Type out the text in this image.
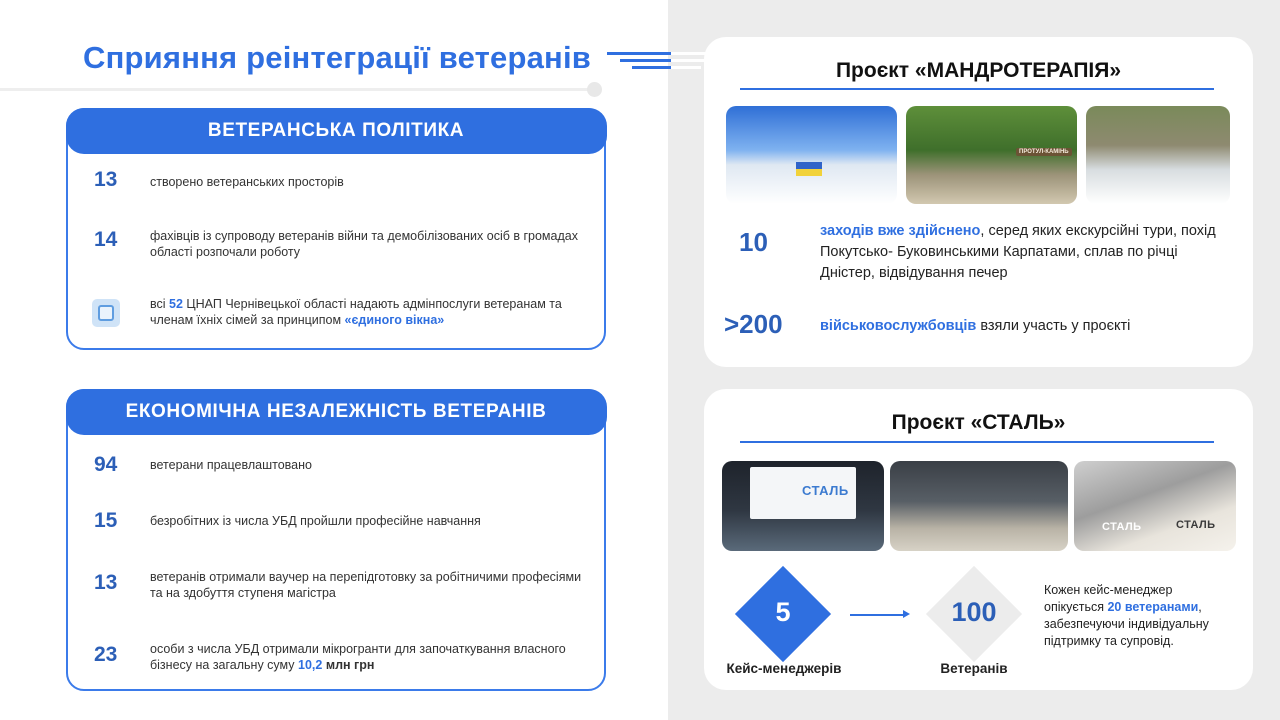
Сприяння реінтеграції ветеранів
ВЕТЕРАНСЬКА ПОЛІТИКА
13	створено ветеранських просторів
14	фахівців із супроводу ветеранів війни та демобілізованих осіб в громадах області розпочали роботу
всі 52 ЦНАП Чернівецької області надають адмінпослуги ветеранам та членам їхніх сімей за принципом «єдиного вікна»
ЕКОНОМІЧНА НЕЗАЛЕЖНІСТЬ ВЕТЕРАНІВ
94	ветерани працевлаштовано
15	безробітних із числа УБД пройшли професійне навчання
13	ветеранів отримали ваучер на перепідготовку за робітничими професіями та на здобуття ступеня магістра
23	особи з числа УБД отримали мікрогранти для започаткування власного бізнесу на загальну суму 10,2 млн грн
Проєкт «МАНДРОТЕРАПІЯ»
ПРОТУЛ-КАМІНЬ
10	заходів вже здійснено, серед яких екскурсійні тури, похід Покутсько- Буковинськими Карпатами, сплав по річці Дністер, відвідування печер
>200	військовослужбовців взяли участь у проєкті
Проєкт «СТАЛЬ»
СТАЛЬ
СТАЛЬ	СТАЛЬ
5
Кейс-менеджерів
100
Ветеранів
Кожен кейс-менеджер опікується 20 ветеранами, забезпечуючи індивідуальну підтримку та супровід.
